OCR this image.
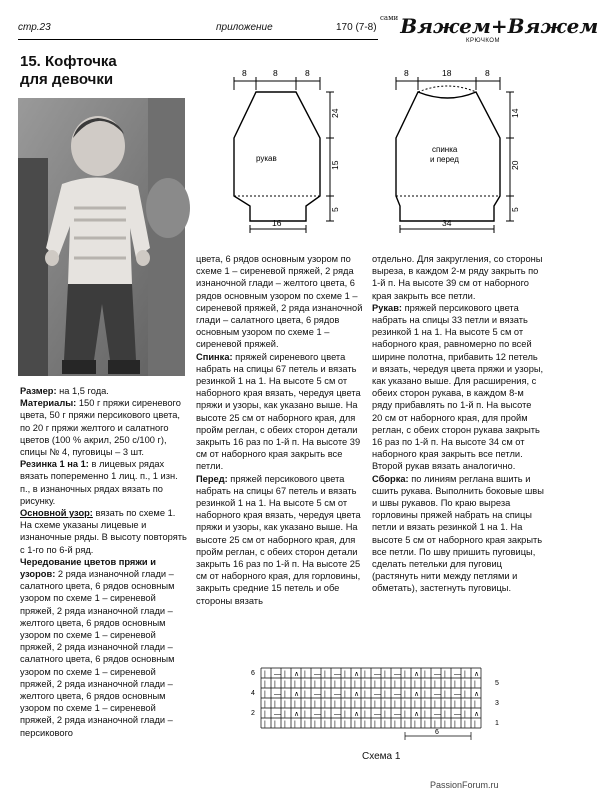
стр.23	приложение	170 (7-8)
$^{сами}$ Вяжем+Вяжем
КРЮЧКОМ
15. Кофточка
для девочки
рукав
8	8	8
24
15
5
16
спинка
и перед
8	18	8
14
20
5
34

Размер: на 1,5 года.

Материалы: 150 г пряжи сиреневого цвета, 50 г пряжи персикового цвета, по 20 г пряжи желтого и салатного цветов (100 % акрил, 250 с/100 г), спицы № 4, пуговицы – 3 шт.

Резинка 1 на 1: в лицевых рядах вязать попеременно 1 лиц. п., 1 изн. п., в изнаночных рядах вязать по рисунку.

Основной узор: вязать по схеме 1. На схеме указаны лицевые и изнаночные ряды. В высоту повторять с 1-го по 6-й ряд.

Чередование цветов пряжи и узоров: 2 ряда изнаночной глади – салатного цвета, 6 рядов основным узором по схеме 1 – сиреневой пряжей, 2 ряда изнаночной глади – желтого цвета, 6 рядов основным узором по схеме 1 – сиреневой пряжей, 2 ряда изнаночной глади – салатного цвета, 6 рядов основным узором по схеме 1 – сиреневой пряжей, 2 ряда изнаночной глади – желтого цвета, 6 рядов основным узором по схеме 1 – сиреневой пряжей, 2 ряда изнаночной глади – персикового

цвета, 6 рядов основным узором по схеме 1 – сиреневой пряжей, 2 ряда изнаночной глади – желтого цвета, 6 рядов основным узором по схеме 1 – сиреневой пряжей, 2 ряда изнаночной глади – салатного цвета, 6 рядов основным узором по схеме 1 – сиреневой пряжей.

Спинка: пряжей сиреневого цвета набрать на спицы 67 петель и вязать резинкой 1 на 1. На высоте 5 см от наборного края вязать, чередуя цвета пряжи и узоры, как указано выше. На высоте 25 см от наборного края, для пройм реглан, с обеих сторон детали закрыть 16 раз по 1-й п. На высоте 39 см от наборного края закрыть все петли.

Перед: пряжей персикового цвета набрать на спицы 67 петель и вязать резинкой 1 на 1. На высоте 5 см от наборного края вязать, чередуя цвета пряжи и узоры, как указано выше. На высоте 25 см от наборного края, для пройм реглан, с обеих сторон детали закрыть 16 раз по 1-й п. На высоте 25 см от наборного края, для горловины, закрыть средние 15 петель и обе стороны вязать

отдельно. Для закругления, со стороны выреза, в каждом 2-м ряду закрыть по 1-й п. На высоте 39 см от наборного края закрыть все петли.

Рукав: пряжей персикового цвета набрать на спицы 33 петли и вязать резинкой 1 на 1. На высоте 5 см от наборного края, равномерно по всей ширине полотна, прибавить 12 петель и вязать, чередуя цвета пряжи и узоры, как указано выше. Для расширения, с обеих сторон рукава, в каждом 8-м ряду прибавлять по 1-й п. На высоте 20 см от наборного края, для пройм реглан, с обеих сторон рукава закрыть 16 раз по 1-й п. На высоте 34 см от наборного края закрыть все петли. Второй рукав вязать аналогично.

Сборка: по линиям реглана вшить и сшить рукава. Выполнить боковые швы и швы рукавов. По краю выреза горловины пряжей набрать на спицы петли и вязать резинкой 1 на 1. На высоте 5 см от наборного края закрыть все петли. По шву пришить пуговицы, сделать петельки для пуговиц (растянуть нити между петлями и обметать), застегнуть пуговицы.

| — | ∧ | — | — | ∧ | — | — | ∧ | — | — | ∧
| | | | | | | | | | | | | | | | | | | | | |
| — | ∧ | — | — | ∧ | — | — | ∧ | — | — | ∧
| | | | | | | | | | | | | | | | | | | | | |
| — | ∧ | — | — | ∧ | — | — | ∧ | — | — | ∧
| | | | | | | | | | | | | | | | | | | | | |
6
4
2
5
3
1
6
Схема 1
PassionForum.ru
